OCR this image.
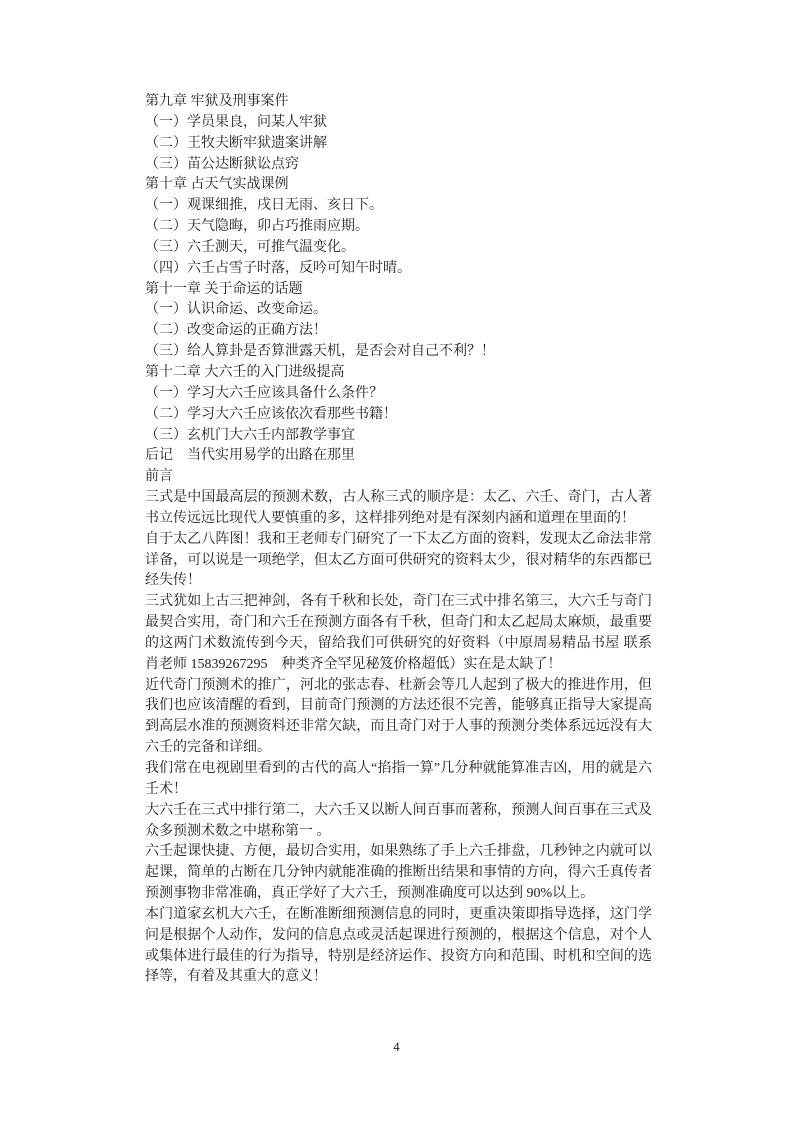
第九章 牢狱及刑事案件
（一）学员果良，问某人牢狱
（二）王牧夫断牢狱遗案讲解
（三）苗公达断狱讼点窍
第十章 占天气实战课例
（一）观课细推，戌日无雨、亥日下。
（二）天气隐晦，卯占巧推雨应期。
（三）六壬测天，可推气温变化。
（四）六壬占雪子时落，反吟可知午时晴。
第十一章 关于命运的话题
（一）认识命运、改变命运。
（二）改变命运的正确方法！
（三）给人算卦是否算泄露天机，是否会对自己不利？！
第十二章 大六壬的入门进级提高
（一）学习大六壬应该具备什么条件？
（二）学习大六壬应该依次看那些书籍！
（三）玄机门大六壬内部教学事宜
后记　当代实用易学的出路在那里
前言
三式是中国最高层的预测术数，古人称三式的顺序是：太乙、六壬、奇门，古人著书立传远远比现代人要慎重的多，这样排列绝对是有深刻内涵和道理在里面的！
自于太乙八阵图！我和王老师专门研究了一下太乙方面的资料，发现太乙命法非常详备，可以说是一项绝学，但太乙方面可供研究的资料太少，很对精华的东西都已经失传！
三式犹如上古三把神剑，各有千秋和长处，奇门在三式中排名第三，大六壬与奇门最契合实用，奇门和六壬在预测方面各有千秋，但奇门和太乙起局太麻烦，最重要的这两门术数流传到今天，留给我们可供研究的好资料（中原周易精品书屋 联系肖老师 15839267295　种类齐全罕见秘笈价格超低）实在是太缺了！
近代奇门预测术的推广，河北的张志春、杜新会等几人起到了极大的推进作用，但我们也应该清醒的看到，目前奇门预测的方法还很不完善，能够真正指导大家提高到高层水准的预测资料还非常欠缺，而且奇门对于人事的预测分类体系远远没有大六壬的完备和详细。
我们常在电视剧里看到的古代的高人“掐指一算”几分种就能算准吉凶，用的就是六壬术！
大六壬在三式中排行第二，大六壬又以断人间百事而著称，预测人间百事在三式及众多预测术数之中堪称第一 。
六壬起课快捷、方便，最切合实用，如果熟练了手上六壬排盘，几秒钟之内就可以起课，简单的占断在几分钟内就能准确的推断出结果和事情的方向，得六壬真传者预测事物非常准确，真正学好了大六壬，预测准确度可以达到 90%以上。
本门道家玄机大六壬，在断准断细预测信息的同时，更重决策即指导选择，这门学问是根据个人动作，发问的信息点或灵活起课进行预测的，根据这个信息，对个人或集体进行最佳的行为指导，特别是经济运作、投资方向和范围、时机和空间的选择等，有着及其重大的意义！
4
